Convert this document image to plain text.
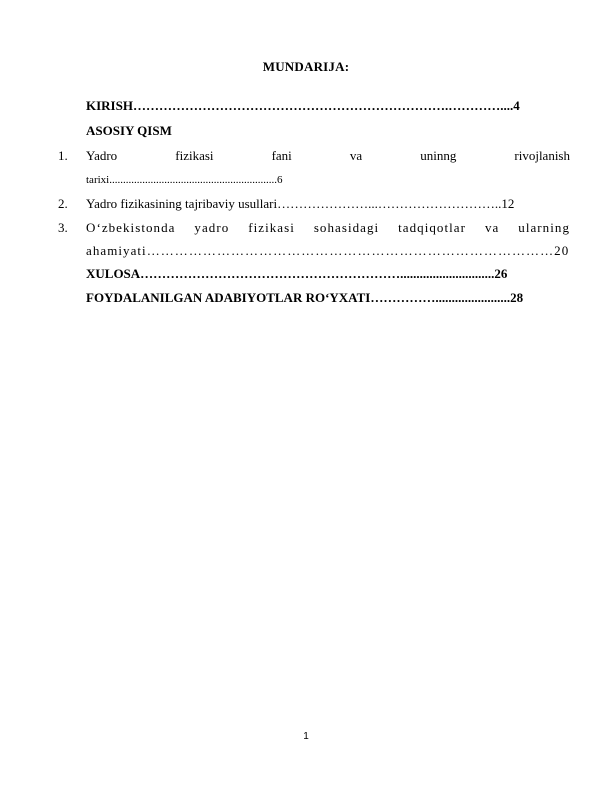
MUNDARIJA:
KIRISH……………………………………………………………….…………....4
ASOSIY QISM
1. Yadro	fizikasi	fani	va	uninng	rivojlanish
tarixi.............................................................6
2. Yadro fizikasining tajribaviy usullari…………………...………………………..12
3. O‘zbekistonda yadro fizikasi sohasidagi tadqiqotlar va ularning
ahamiyati……………………………………………………………………………20
XULOSA…………………………………………………….............................26
FOYDALANILGAN ADABIYOTLAR RO‘YXATI…………….......................28
1
